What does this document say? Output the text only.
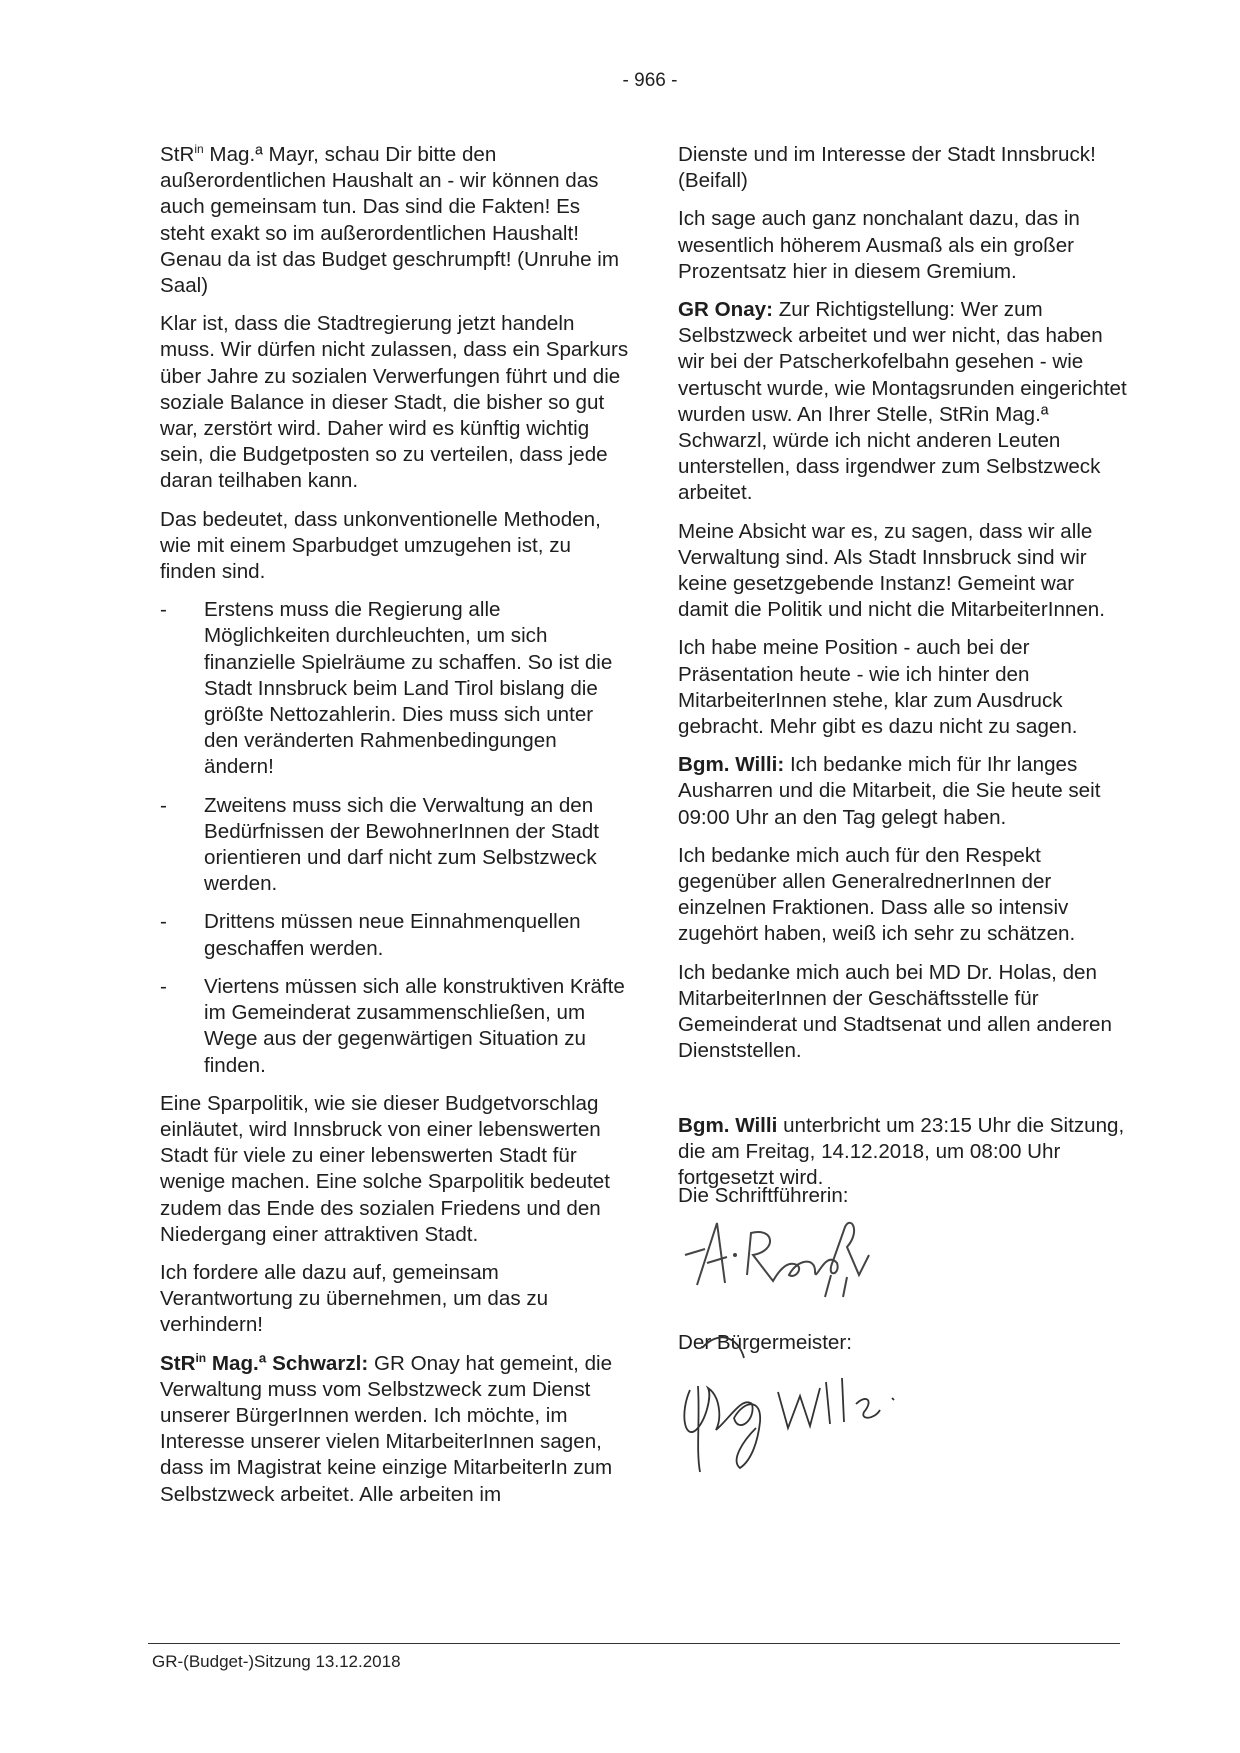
- 966 -

StR$^{in}$ Mag.ª Mayr, schau Dir bitte den außerordentlichen Haushalt an - wir können das auch gemeinsam tun. Das sind die Fakten! Es steht exakt so im außerordentlichen Haushalt! Genau da ist das Budget geschrumpft! (Unruhe im Saal)

Klar ist, dass die Stadtregierung jetzt handeln muss. Wir dürfen nicht zulassen, dass ein Sparkurs über Jahre zu sozialen Verwerfungen führt und die soziale Balance in dieser Stadt, die bisher so gut war, zerstört wird. Daher wird es künftig wichtig sein, die Budgetposten so zu verteilen, dass jede daran teilhaben kann.

Das bedeutet, dass unkonventionelle Methoden, wie mit einem Sparbudget umzugehen ist, zu finden sind.

- Erstens muss die Regierung alle Möglichkeiten durchleuchten, um sich finanzielle Spielräume zu schaffen. So ist die Stadt Innsbruck beim Land Tirol bislang die größte Nettozahlerin. Dies muss sich unter den veränderten Rahmenbedingungen ändern!
- Zweitens muss sich die Verwaltung an den Bedürfnissen der BewohnerInnen der Stadt orientieren und darf nicht zum Selbstzweck werden.
- Drittens müssen neue Einnahmenquellen geschaffen werden.
- Viertens müssen sich alle konstruktiven Kräfte im Gemeinderat zusammenschließen, um Wege aus der gegenwärtigen Situation zu finden.

Eine Sparpolitik, wie sie dieser Budgetvorschlag einläutet, wird Innsbruck von einer lebenswerten Stadt für viele zu einer lebenswerten Stadt für wenige machen. Eine solche Sparpolitik bedeutet zudem das Ende des sozialen Friedens und den Niedergang einer attraktiven Stadt.

Ich fordere alle dazu auf, gemeinsam Verantwortung zu übernehmen, um das zu verhindern!

StR$^{in}$ Mag.ª Schwarzl: GR Onay hat gemeint, die Verwaltung muss vom Selbstzweck zum Dienst unserer BürgerInnen werden. Ich möchte, im Interesse unserer vielen MitarbeiterInnen sagen, dass im Magistrat keine einzige MitarbeiterIn zum Selbstzweck arbeitet. Alle arbeiten im

Dienste und im Interesse der Stadt Innsbruck! (Beifall)

Ich sage auch ganz nonchalant dazu, das in wesentlich höherem Ausmaß als ein großer Prozentsatz hier in diesem Gremium.

GR Onay: Zur Richtigstellung: Wer zum Selbstzweck arbeitet und wer nicht, das haben wir bei der Patscherkofelbahn gesehen - wie vertuscht wurde, wie Montagsrunden eingerichtet wurden usw. An Ihrer Stelle, StRin Mag.ª Schwarzl, würde ich nicht anderen Leuten unterstellen, dass irgendwer zum Selbstzweck arbeitet.

Meine Absicht war es, zu sagen, dass wir alle Verwaltung sind. Als Stadt Innsbruck sind wir keine gesetzgebende Instanz! Gemeint war damit die Politik und nicht die MitarbeiterInnen.

Ich habe meine Position - auch bei der Präsentation heute - wie ich hinter den MitarbeiterInnen stehe, klar zum Ausdruck gebracht. Mehr gibt es dazu nicht zu sagen.

Bgm. Willi: Ich bedanke mich für Ihr langes Ausharren und die Mitarbeit, die Sie heute seit 09:00 Uhr an den Tag gelegt haben.

Ich bedanke mich auch für den Respekt gegenüber allen GeneralrednerInnen der einzelnen Fraktionen. Dass alle so intensiv zugehört haben, weiß ich sehr zu schätzen.

Ich bedanke mich auch bei MD Dr. Holas, den MitarbeiterInnen der Geschäftsstelle für Gemeinderat und Stadtsenat und allen anderen Dienststellen.

Bgm. Willi unterbricht um 23:15 Uhr die Sitzung, die am Freitag, 14.12.2018, um 08:00 Uhr fortgesetzt wird.

Die Schriftführerin:
Der Bürgermeister:
GR-(Budget-)Sitzung 13.12.2018
